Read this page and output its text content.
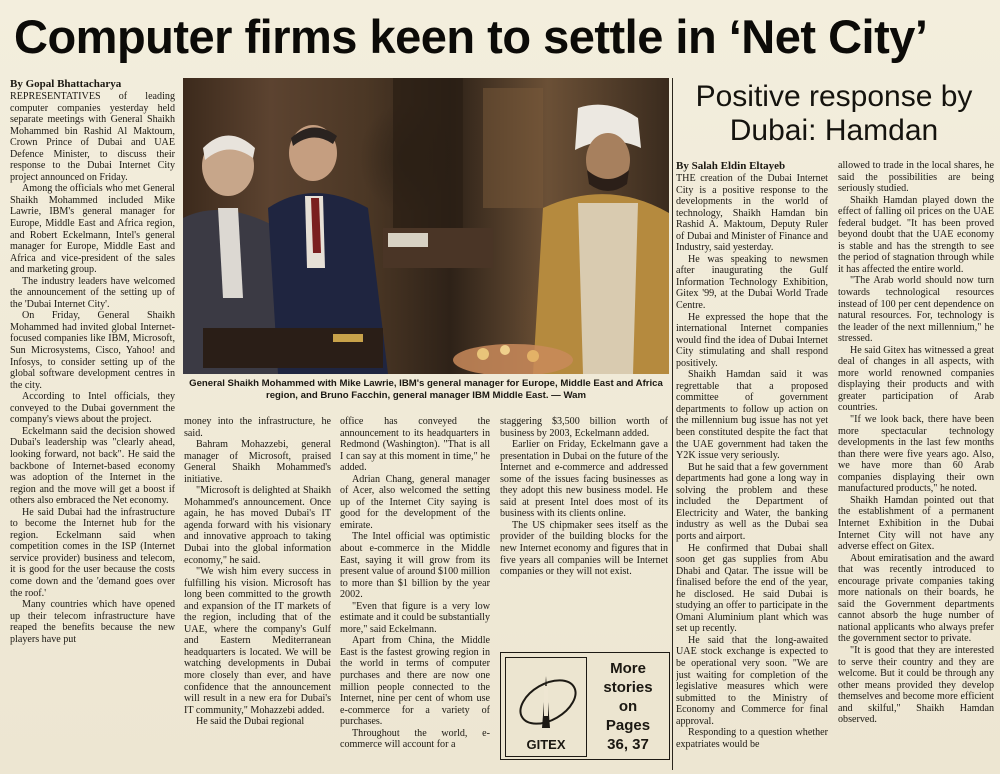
Computer firms keen to settle in ‘Net City’

By Gopal Bhattacharya

REPRESENTATIVES of leading computer companies yesterday held separate meetings with General Shaikh Mohammed bin Rashid Al Maktoum, Crown Prince of Dubai and UAE Defence Minister, to discuss their response to the Dubai Internet City project announced on Friday.

Among the officials who met General Shaikh Mohammed included Mike Lawrie, IBM's general manager for Europe, Middle East and Africa region, and Robert Eckelmann, Intel's general manager for Europe, Middle East and Africa and vice-president of the sales and marketing group.

The industry leaders have welcomed the announcement of the setting up of the 'Dubai Internet City'.

On Friday, General Shaikh Mohammed had invited global Internet-focused companies like IBM, Microsoft, Sun Microsystems, Cisco, Yahoo! and Infosys, to consider setting up of the global software development centres in the city.

According to Intel officials, they conveyed to the Dubai government the company's views about the project.

Eckelmann said the decision showed Dubai's leadership was "clearly ahead, looking forward, not back". He said the backbone of Internet-based economy was adoption of the Internet in the region and the move will get a boost if others also embraced the Net economy.

He said Dubai had the infrastructure to become the Internet hub for the region. Eckelmann said when competition comes in the ISP (Internet service provider) business and telecom, it is good for the user because the costs come down and the 'demand goes over the roof.'

Many countries which have opened up their telecom infrastructure have reaped the benefits because the new players have put

General Shaikh Mohammed with Mike Lawrie, IBM's general manager for Europe, Middle East and Africa region, and Bruno Facchin, general manager IBM Middle East. — Wam

money into the infrastructure, he said.

Bahram Mohazzebi, general manager of Microsoft, praised General Shaikh Mohammed's initiative.

"Microsoft is delighted at Shaikh Mohammed's announcement. Once again, he has moved Dubai's IT agenda forward with his visionary and innovative approach to taking Dubai into the global information economy," he said.

"We wish him every success in fulfilling his vision. Microsoft has long been committed to the growth and expansion of the IT markets of the region, including that of the UAE, where the company's Gulf and Eastern Mediterranean headquarters is located. We will be watching developments in Dubai more closely than ever, and have confidence that the announcement will result in a new era for Dubai's IT community," Mohazzebi added.

He said the Dubai regional

office has conveyed the announcement to its headquarters in Redmond (Washington). "That is all I can say at this moment in time," he added.

Adrian Chang, general manager of Acer, also welcomed the setting up of the Internet City saying is good for the development of the emirate.

The Intel official was optimistic about e-commerce in the Middle East, saying it will grow from its present value of around $100 million to more than $1 billion by the year 2002.

"Even that figure is a very low estimate and it could be substantially more," said Eckelmann.

Apart from China, the Middle East is the fastest growing region in the world in terms of computer purchases and there are now one million people connected to the Internet, nine per cent of whom use e-commerce for a variety of purchases.

Throughout the world, e-commerce will account for a

staggering $3,500 billion worth of business by 2003, Eckelmann added.

Earlier on Friday, Eckelmann gave a presentation in Dubai on the future of the Internet and e-commerce and addressed some of the issues facing businesses as they adopt this new business model. He said at present Intel does most of its business with its clients online.

The US chipmaker sees itself as the provider of the building blocks for the new Internet economy and figures that in five years all companies will be Internet companies or they will not exist.

GITEX
More
stories
on
Pages
36, 37
Positive response by Dubai: Hamdan

By Salah Eldin Eltayeb

THE creation of the Dubai Internet City is a positive response to the developments in the world of technology, Shaikh Hamdan bin Rashid A. Maktoum, Deputy Ruler of Dubai and Minister of Finance and Industry, said yesterday.

He was speaking to newsmen after inaugurating the Gulf Information Technology Exhibition, Gitex '99, at the Dubai World Trade Centre.

He expressed the hope that the international Internet companies would find the idea of Dubai Internet City stimulating and shall respond positively.

Shaikh Hamdan said it was regrettable that a proposed committee of government departments to follow up action on the millennium bug issue has not yet been constituted despite the fact that the UAE government had taken the Y2K issue very seriously.

But he said that a few government departments had gone a long way in solving the problem and these included the Department of Electricity and Water, the banking industry as well as the Dubai sea ports and airport.

He confirmed that Dubai shall soon get gas supplies from Abu Dhabi and Qatar. The issue will be finalised before the end of the year, he disclosed. He said Dubai is studying an offer to participate in the Omani Aluminium plant which was set up recently.

He said that the long-awaited UAE stock exchange is expected to be operational very soon. "We are just waiting for completion of the legislative measures which were submitted to the Ministry of Economy and Commerce for final approval.

Responding to a question whether expatriates would be

allowed to trade in the local shares, he said the possibilities are being seriously studied.

Shaikh Hamdan played down the effect of falling oil prices on the UAE federal budget. "It has been proved beyond doubt that the UAE economy is stable and has the strength to see the period of stagnation through while it has affected the entire world.

"The Arab world should now turn towards technological resources instead of 100 per cent dependence on natural resources. For, technology is the leader of the next millennium," he stressed.

He said Gitex has witnessed a great deal of changes in all aspects, with more world renowned companies displaying their products and with greater participation of Arab countries.

"If we look back, there have been more spectacular technology developments in the last few months than there were five years ago. Also, we have more than 60 Arab companies displaying their own manufactured products," he noted.

Shaikh Hamdan pointed out that the establishment of a permanent Internet Exhibition in the Dubai Internet City will not have any adverse effect on Gitex.

About emiratisation and the award that was recently introduced to encourage private companies taking more nationals on their boards, he said the Government departments cannot absorb the huge number of national applicants who always prefer the government sector to private.

"It is good that they are interested to serve their country and they are welcome. But it could be through any other means provided they develop themselves and become more efficient and skilful," Shaikh Hamdan observed.
